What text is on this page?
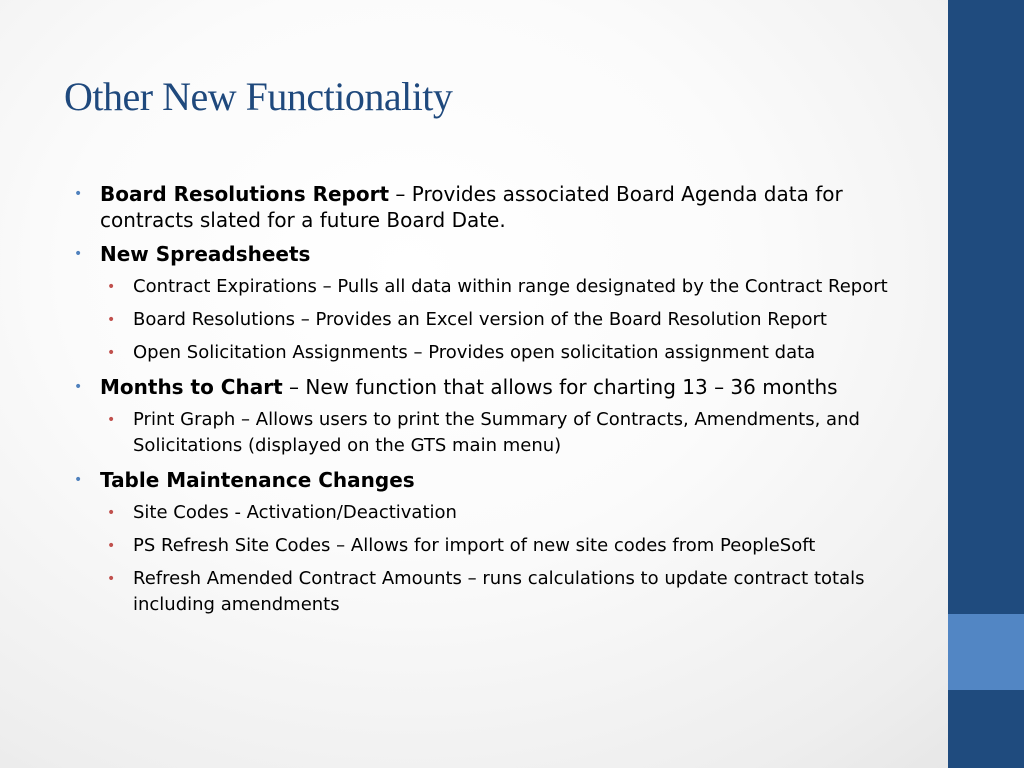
Other New Functionality
• Board Resolutions Report – Provides associated Board Agenda data for contracts slated for a future Board Date.
• New Spreadsheets
• Contract Expirations – Pulls all data within range designated by the Contract Report
• Board Resolutions – Provides an Excel version of the Board Resolution Report
• Open Solicitation Assignments – Provides open solicitation assignment data
• Months to Chart – New function that allows for charting 13 – 36 months
• Print Graph – Allows users to print the Summary of Contracts, Amendments, and Solicitations (displayed on the GTS main menu)
• Table Maintenance Changes
• Site Codes - Activation/Deactivation
• PS Refresh Site Codes – Allows for import of new site codes from PeopleSoft
• Refresh Amended Contract Amounts – runs calculations to update contract totals including amendments
